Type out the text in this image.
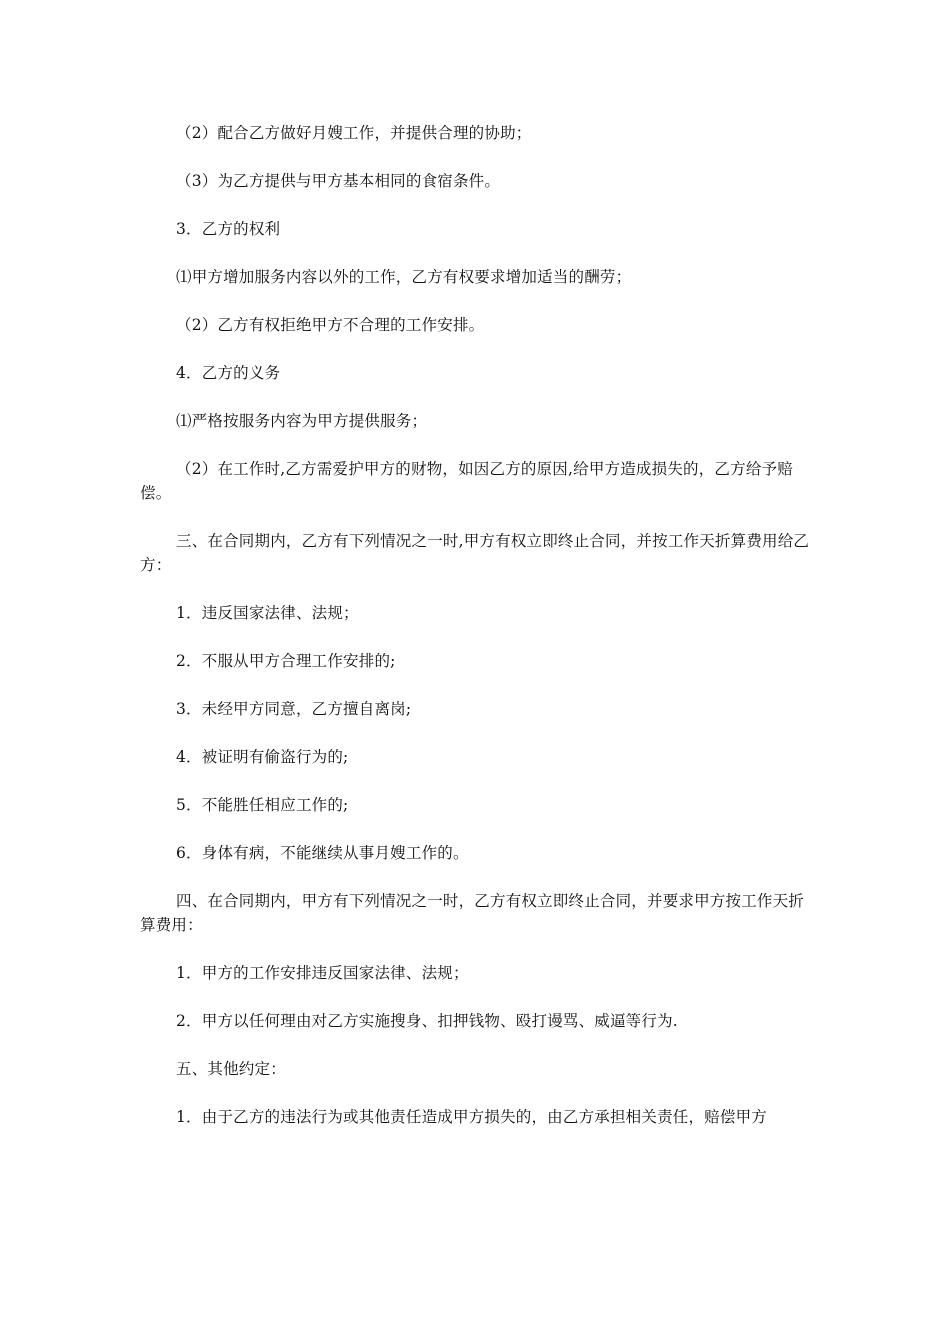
（2）配合乙方做好月嫂工作，并提供合理的协助；

（3）为乙方提供与甲方基本相同的食宿条件。

3．乙方的权利

⑴甲方增加服务内容以外的工作，乙方有权要求增加适当的酬劳；

（2）乙方有权拒绝甲方不合理的工作安排。

4．乙方的义务

⑴严格按服务内容为甲方提供服务；

（2）在工作时,乙方需爱护甲方的财物，如因乙方的原因,给甲方造成损失的，乙方给予赔偿。

三、在合同期内，乙方有下列情况之一时,甲方有权立即终止合同，并按工作天折算费用给乙方：

1．违反国家法律、法规；

2．不服从甲方合理工作安排的;

3．未经甲方同意，乙方擅自离岗;

4．被证明有偷盗行为的;

5．不能胜任相应工作的;

6．身体有病，不能继续从事月嫂工作的。

四、在合同期内，甲方有下列情况之一时，乙方有权立即终止合同，并要求甲方按工作天折算费用：

1．甲方的工作安排违反国家法律、法规；

2．甲方以任何理由对乙方实施搜身、扣押钱物、殴打谩骂、威逼等行为.

五、其他约定：

1．由于乙方的违法行为或其他责任造成甲方损失的，由乙方承担相关责任，赔偿甲方
